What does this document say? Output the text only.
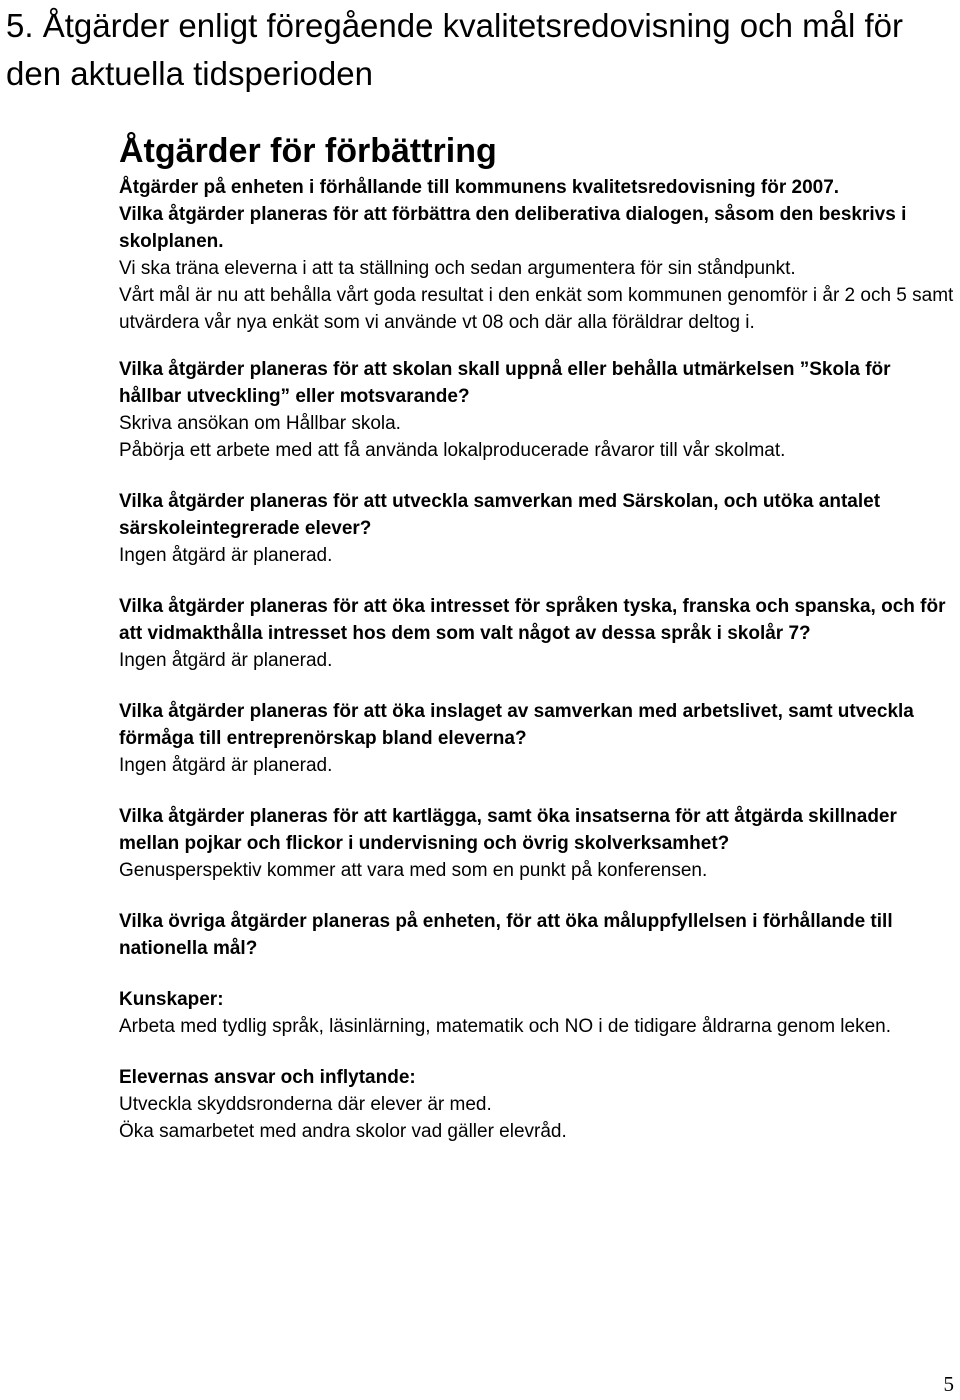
5. Åtgärder enligt föregående kvalitetsredovisning och mål för den aktuella tidsperioden
Åtgärder för förbättring

Åtgärder på enheten i förhållande till kommunens kvalitetsredovisning för 2007.

Vilka åtgärder planeras för att förbättra den deliberativa dialogen, såsom den beskrivs i skolplanen.

Vi ska träna eleverna i att ta ställning och sedan argumentera för sin ståndpunkt.

Vårt mål är nu att behålla vårt goda resultat i den enkät som kommunen genomför i år 2 och 5 samt utvärdera vår nya enkät som vi använde vt 08 och där alla föräldrar deltog i.

Vilka åtgärder planeras för att skolan skall uppnå eller behålla utmärkelsen ”Skola för hållbar utveckling” eller motsvarande?

Skriva ansökan om Hållbar skola.

Påbörja ett arbete med att få använda lokalproducerade råvaror till vår skolmat.

Vilka åtgärder planeras för att utveckla samverkan med Särskolan, och utöka antalet särskoleintegrerade elever?

Ingen åtgärd är planerad.

Vilka åtgärder planeras för att öka intresset för språken tyska, franska och spanska, och för att vidmakthålla intresset hos dem som valt något av dessa språk i skolår 7?

Ingen åtgärd är planerad.

Vilka åtgärder planeras för att öka inslaget av samverkan med arbetslivet, samt utveckla förmåga till entreprenörskap bland eleverna?

Ingen åtgärd är planerad.

Vilka åtgärder planeras för att kartlägga, samt öka insatserna för att åtgärda skillnader mellan pojkar och flickor i undervisning och övrig skolverksamhet?

Genusperspektiv kommer att vara med som en punkt på konferensen.

Vilka övriga åtgärder planeras på enheten, för att öka måluppfyllelsen i förhållande till nationella mål?

Kunskaper:

Arbeta med tydlig språk, läsinlärning, matematik och NO i de tidigare åldrarna genom leken.

Elevernas ansvar och inflytande:

Utveckla skyddsronderna där elever är med.

Öka samarbetet med andra skolor vad gäller elevråd.

5
